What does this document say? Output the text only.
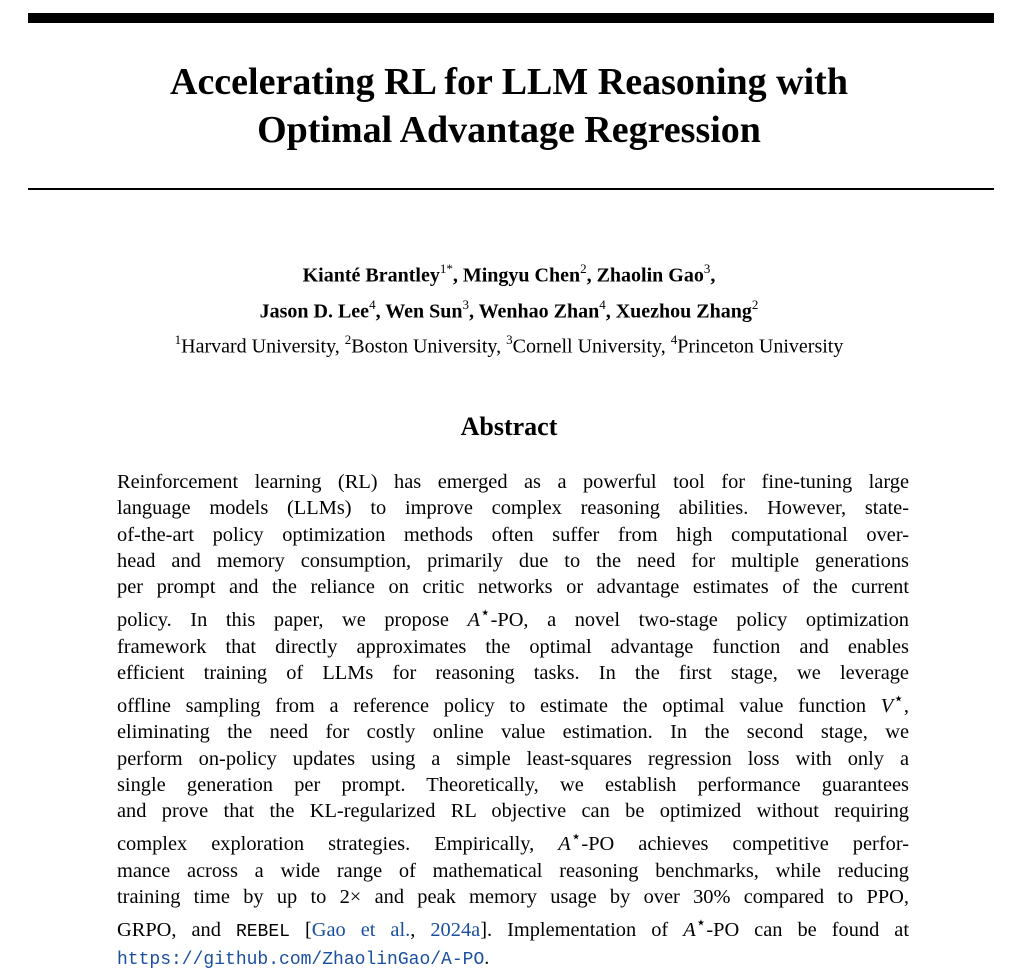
Accelerating RL for LLM Reasoning with
Optimal Advantage Regression
Kianté Brantley$^{1*}$, Mingyu Chen$^2$, Zhaolin Gao$^3$,
Jason D. Lee$^4$, Wen Sun$^3$, Wenhao Zhan$^4$, Xuezhou Zhang$^2$
$^1$Harvard University, $^2$Boston University, $^3$Cornell University, $^4$Princeton University
Abstract
Reinforcement learning (RL) has emerged as a powerful tool for fine-tuning large
language models (LLMs) to improve complex reasoning abilities. However, state-
of-the-art policy optimization methods often suffer from high computational over-
head and memory consumption, primarily due to the need for multiple generations
per prompt and the reliance on critic networks or advantage estimates of the current
policy. In this paper, we propose A⋆-PO, a novel two-stage policy optimization
framework that directly approximates the optimal advantage function and enables
efficient training of LLMs for reasoning tasks. In the first stage, we leverage
offline sampling from a reference policy to estimate the optimal value function V⋆,
eliminating the need for costly online value estimation. In the second stage, we
perform on-policy updates using a simple least-squares regression loss with only a
single generation per prompt. Theoretically, we establish performance guarantees
and prove that the KL-regularized RL objective can be optimized without requiring
complex exploration strategies. Empirically, A⋆-PO achieves competitive perfor-
mance across a wide range of mathematical reasoning benchmarks, while reducing
training time by up to 2× and peak memory usage by over 30% compared to PPO,
GRPO, and REBEL [Gao et al., 2024a]. Implementation of A⋆-PO can be found at
https://github.com/ZhaolinGao/A-PO.
